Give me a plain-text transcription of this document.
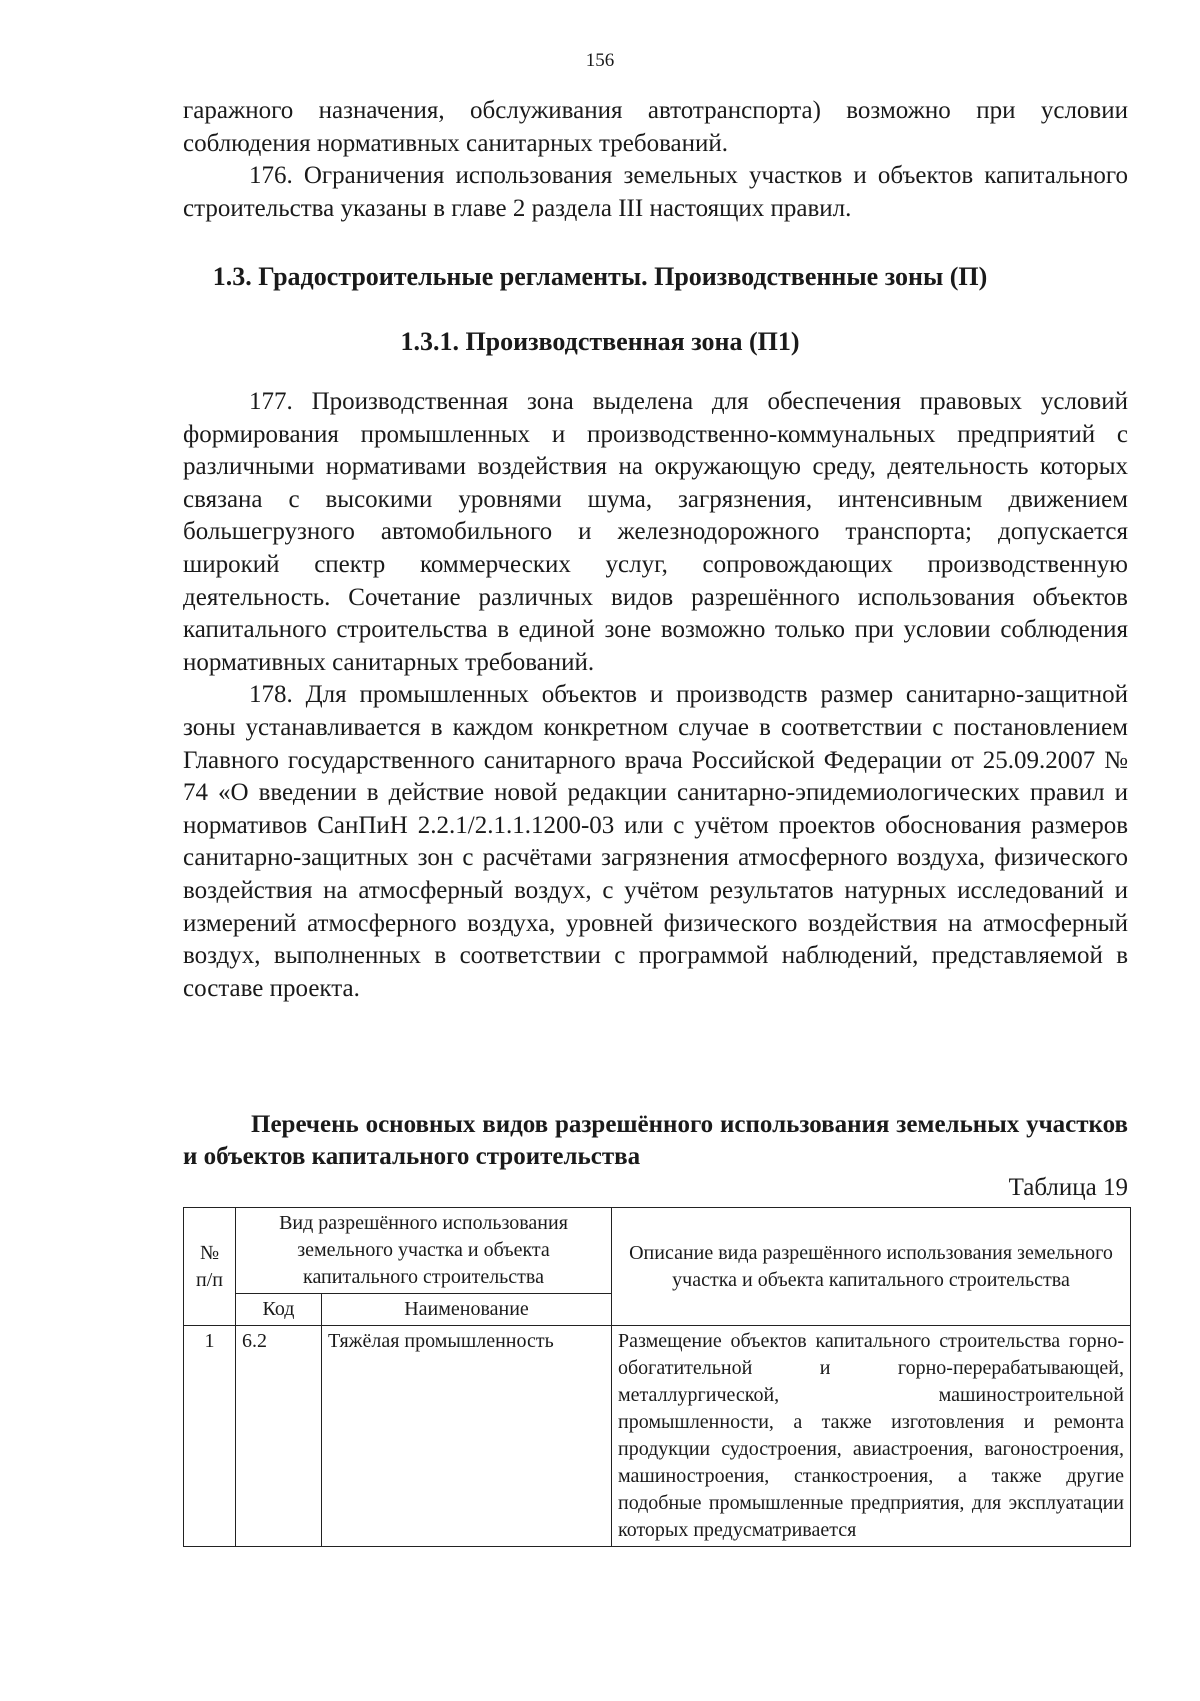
156

гаражного назначения, обслуживания автотранспорта) возможно при условии соблюдения нормативных санитарных требований.

176. Ограничения использования земельных участков и объектов капитального строительства указаны в главе 2 раздела III настоящих правил.

1.3. Градостроительные регламенты. Производственные зоны (П)
1.3.1. Производственная зона (П1)

177. Производственная зона выделена для обеспечения правовых условий формирования промышленных и производственно-коммунальных предприятий с различными нормативами воздействия на окружающую среду, деятельность которых связана с высокими уровнями шума, загрязнения, интенсивным движением большегрузного автомобильного и железнодорожного транспорта; допускается широкий спектр коммерческих услуг, сопровождающих производственную деятельность. Сочетание различных видов разрешённого использования объектов капитального строительства в единой зоне возможно только при условии соблюдения нормативных санитарных требований.

178. Для промышленных объектов и производств размер санитарно-защитной зоны устанавливается в каждом конкретном случае в соответствии с постановлением Главного государственного санитарного врача Российской Федерации от 25.09.2007 № 74 «О введении в действие новой редакции санитарно-эпидемиологических правил и нормативов СанПиН 2.2.1/2.1.1.1200-03 или с учётом проектов обоснования размеров санитарно-защитных зон с расчётами загрязнения атмосферного воздуха, физического воздействия на атмосферный воздух, с учётом результатов натурных исследований и измерений атмосферного воздуха, уровней физического воздействия на атмосферный воздух, выполненных в соответствии с программой наблюдений, представляемой в составе проекта.

Перечень основных видов разрешённого использования земельных участков и объектов капитального строительства
Таблица 19
№ п/п	Вид разрешённого использования земельного участка и объекта капитального строительства		Описание вида разрешённого использования земельного участка и объекта капитального строительства
	Код	Наименование	
1	6.2	Тяжёлая промышленность	Размещение объектов капитального строительства горно-обогатительной и горно-перерабатывающей, металлургической, машиностроительной промышленности, а также изготовления и ремонта продукции судостроения, авиастроения, вагоностроения, машиностроения, станкостроения, а также другие подобные промышленные предприятия, для эксплуатации которых предусматривается
